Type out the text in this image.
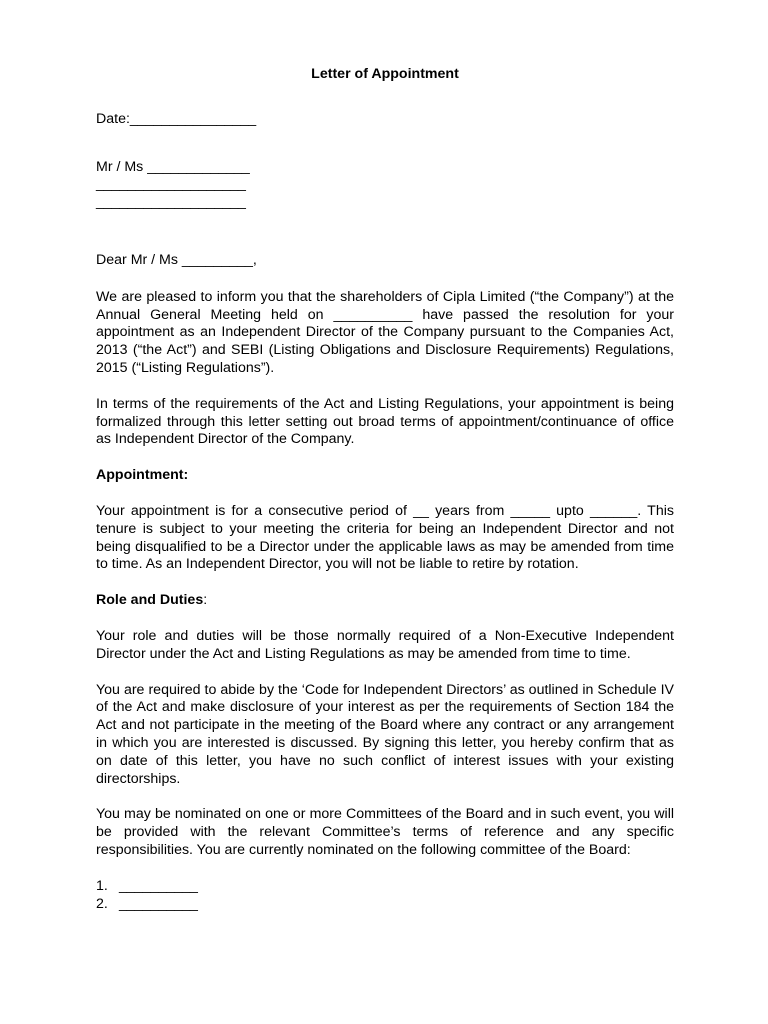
Letter of Appointment
Date:________________
Mr / Ms _____________
___________________
___________________
Dear Mr / Ms _________,

We are pleased to inform you that the shareholders of Cipla Limited (“the Company”) at the Annual General Meeting held on __________ have passed the resolution for your appointment as an Independent Director of the Company pursuant to the Companies Act, 2013 (“the Act”) and SEBI (Listing Obligations and Disclosure Requirements) Regulations, 2015 (“Listing Regulations”).

In terms of the requirements of the Act and Listing Regulations, your appointment is being formalized through this letter setting out broad terms of appointment/continuance of office as Independent Director of the Company.

Appointment:

Your appointment is for a consecutive period of __ years from _____ upto ______. This tenure is subject to your meeting the criteria for being an Independent Director and not being disqualified to be a Director under the applicable laws as may be amended from time to time. As an Independent Director, you will not be liable to retire by rotation.

Role and Duties:

Your role and duties will be those normally required of a Non-Executive Independent Director under the Act and Listing Regulations as may be amended from time to time.

You are required to abide by the ‘Code for Independent Directors’ as outlined in Schedule IV of the Act and make disclosure of your interest as per the requirements of Section 184 the Act and not participate in the meeting of the Board where any contract or any arrangement in which you are interested is discussed. By signing this letter, you hereby confirm that as on date of this letter, you have no such conflict of interest issues with your existing directorships.

You may be nominated on one or more Committees of the Board and in such event, you will be provided with the relevant Committee’s terms of reference and any specific responsibilities. You are currently nominated on the following committee of the Board:

1. __________
2. __________
